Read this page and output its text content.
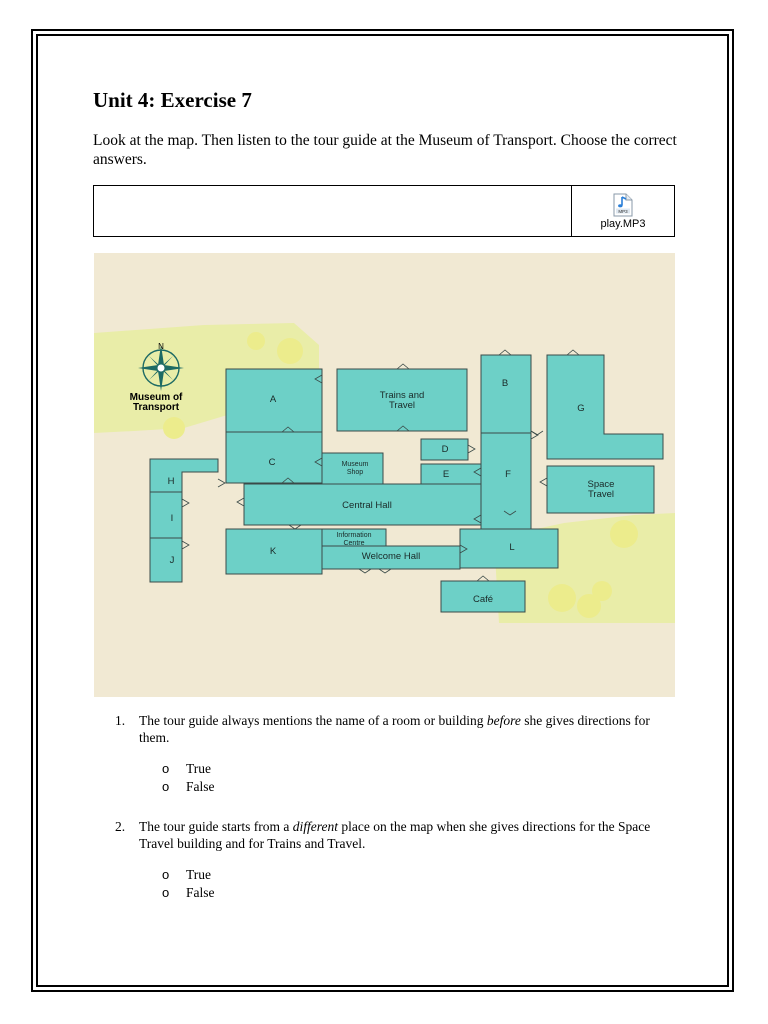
Unit 4: Exercise 7

Look at the map. Then listen to the tour guide at the Museum of Transport. Choose the correct answers.

MP3
play.MP3
N
Museum of
Transport
A
C
H
I
J
K
B
F
G
D
E
L
Trains and
Travel
Central Hall
Welcome Hall
Space
Travel
Café
Museum
Shop
Information
Centre
1. The tour guide always mentions the name of a room or building before she gives directions for them.
o True
o False
2. The tour guide starts from a different place on the map when she gives directions for the Space Travel building and for Trains and Travel.
o True
o False
